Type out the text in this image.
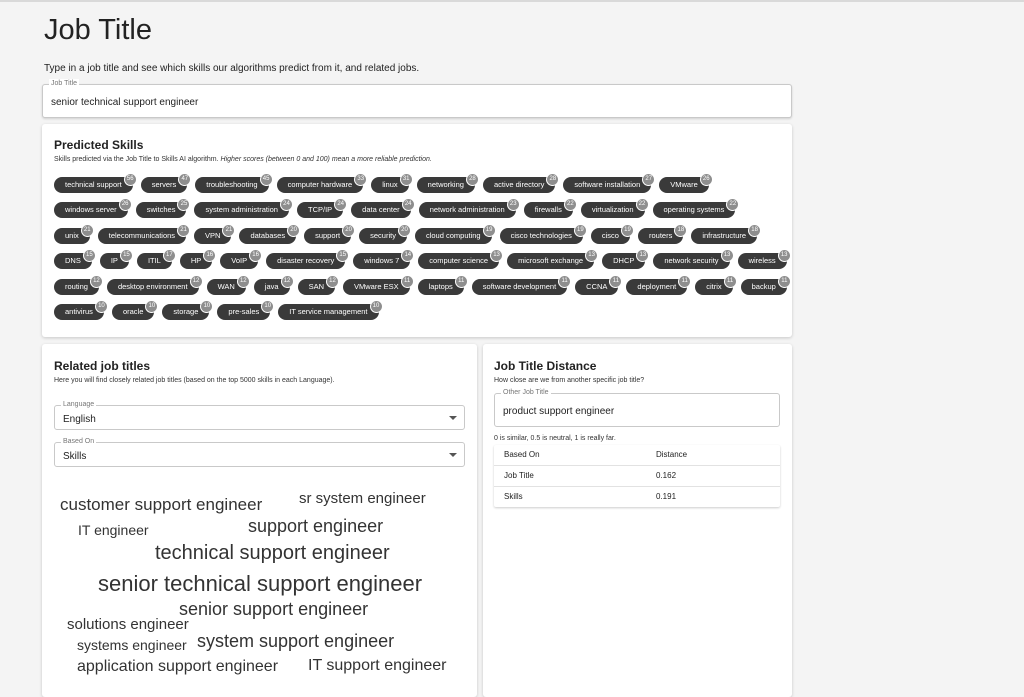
Job Title
Type in a job title and see which skills our algorithms predict from it, and related jobs.
Job Title
senior technical support engineer
Predicted Skills
Skills predicted via the Job Title to Skills AI algorithm. Higher scores (between 0 and 100) mean a more reliable prediction.
technical support
56
servers
47
troubleshooting
45
computer hardware
33
linux
31
networking
28
active directory
28
software installation
27
VMware
26
windows server
26
switches
25
system administration
24
TCP/IP
24
data center
24
network administration
23
firewalls
22
virtualization
22
operating systems
22
unix
21
telecommunications
21
VPN
21
databases
20
support
20
security
20
cloud computing
19
cisco technologies
19
cisco
19
routers
18
infrastructure
18
DNS
15
IP
15
ITIL
17
HP
16
VoIP
16
disaster recovery
15
windows 7
14
computer science
13
microsoft exchange
13
DHCP
13
network security
13
wireless
13
routing
12
desktop environment
12
WAN
12
java
12
SAN
12
VMware ESX
11
laptops
11
software development
11
CCNA
11
deployment
11
citrix
11
backup
11
antivirus
10
oracle
10
storage
10
pre-sales
10
IT service management
10
Related job titles
Here you will find closely related job titles (based on the top 5000 skills in each Language).
Language
English
Based On
Skills
customer support engineer sr system engineer
IT engineer	support engineer
technical support engineer
senior technical support engineer
senior support engineer
solutions engineer
systems engineer system support engineer
application support engineer IT support engineer
Job Title Distance
How close are we from another specific job title?
Other Job Title
product support engineer
0 is similar, 0.5 is neutral, 1 is really far.
Based On	Distance
Job Title	0.162
Skills	0.191
